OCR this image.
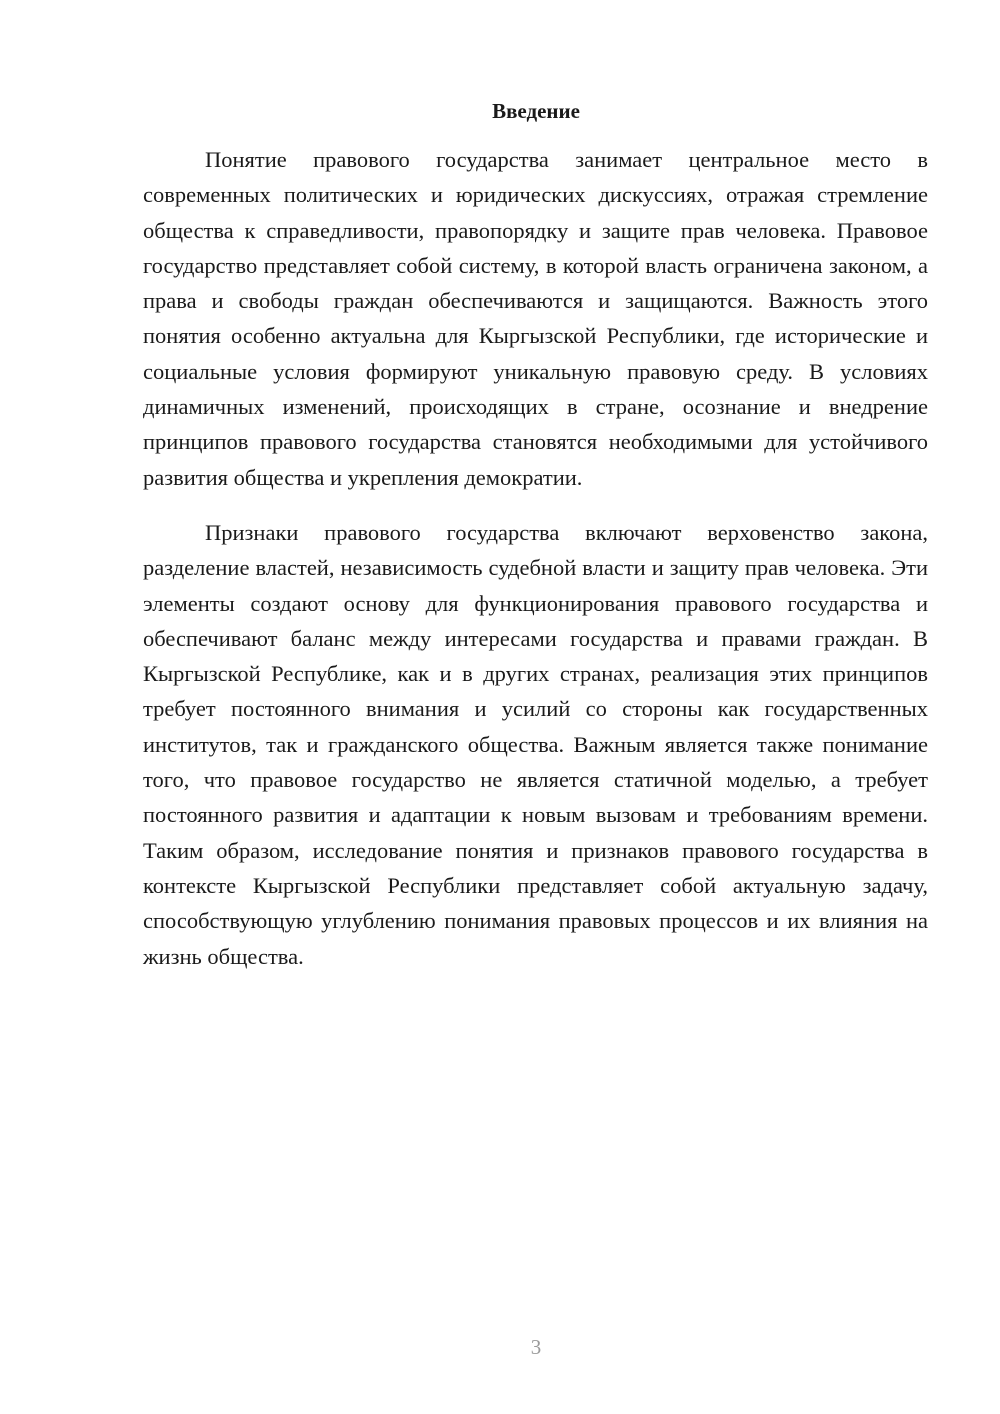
Введение

Понятие правового государства занимает центральное место в современных политических и юридических дискуссиях, отражая стремление общества к справедливости, правопорядку и защите прав человека. Правовое государство представляет собой систему, в которой власть ограничена законом, а права и свободы граждан обеспечиваются и защищаются. Важность этого понятия особенно актуальна для Кыргызской Республики, где исторические и социальные условия формируют уникальную правовую среду. В условиях динамичных изменений, происходящих в стране, осознание и внедрение принципов правового государства становятся необходимыми для устойчивого развития общества и укрепления демократии.

Признаки правового государства включают верховенство закона, разделение властей, независимость судебной власти и защиту прав человека. Эти элементы создают основу для функционирования правового государства и обеспечивают баланс между интересами государства и правами граждан. В Кыргызской Республике, как и в других странах, реализация этих принципов требует постоянного внимания и усилий со стороны как государственных институтов, так и гражданского общества. Важным является также понимание того, что правовое государство не является статичной моделью, а требует постоянного развития и адаптации к новым вызовам и требованиям времени. Таким образом, исследование понятия и признаков правового государства в контексте Кыргызской Республики представляет собой актуальную задачу, способствующую углублению понимания правовых процессов и их влияния на жизнь общества.

3
